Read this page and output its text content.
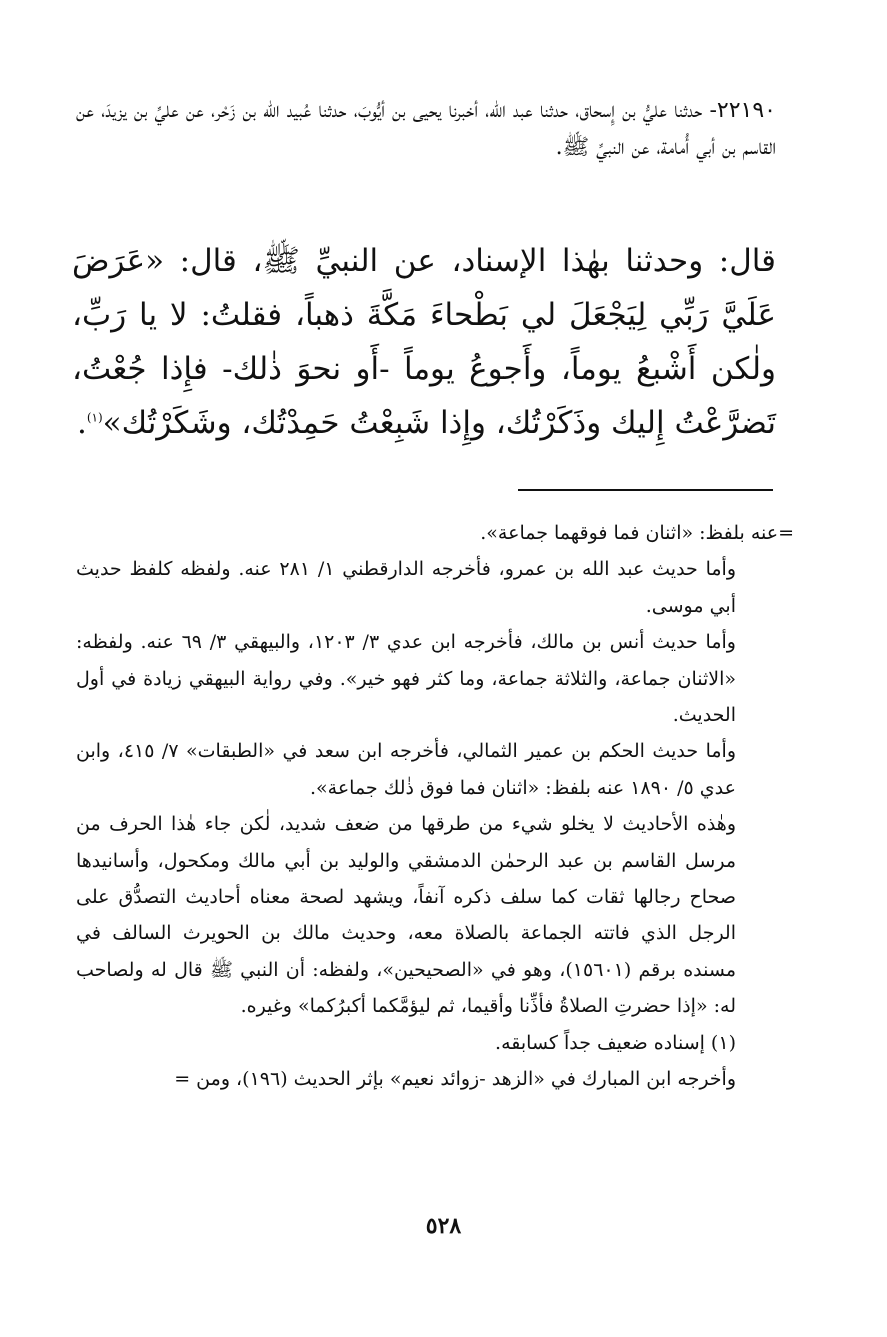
٢٢١٩٠- حدثنا عليُّ بن إِسحاق، حدثنا عبد الله، أخبرنا يحيى بن أيُّوبَ، حدثنا عُبيد الله بن زَحْر، عن عليِّ بن يزيدَ، عن القاسم بن أبي أُمامة، عن النبيِّ ﷺ.

قال: وحدثنا بهٰذا الإسناد، عن النبيِّ ﷺ، قال: «عَرَضَ عَلَيَّ رَبِّي لِيَجْعَلَ لي بَطْحاءَ مَكَّةَ ذهباً، فقلتُ: لا يا رَبِّ، ولٰكن أَشْبعُ يوماً، وأَجوعُ يوماً -أَو نحوَ ذٰلك- فإِذا جُعْتُ، تَضرَّعْتُ إِليك وذَكَرْتُك، وإِذا شَبِعْتُ حَمِدْتُك، وشَكَرْتُك»$^{(١)}$.

=عنه بلفظ: «اثنان فما فوقهما جماعة».

وأما حديث عبد الله بن عمرو، فأخرجه الدارقطني ١/ ٢٨١ عنه. ولفظه كلفظ حديث أبي موسى.

وأما حديث أنس بن مالك، فأخرجه ابن عدي ٣/ ١٢٠٣، والبيهقي ٣/ ٦٩ عنه. ولفظه: «الاثنان جماعة، والثلاثة جماعة، وما كثر فهو خير». وفي رواية البيهقي زيادة في أول الحديث.

وأما حديث الحكم بن عمير الثمالي، فأخرجه ابن سعد في «الطبقات» ٧/ ٤١٥، وابن عدي ٥/ ١٨٩٠ عنه بلفظ: «اثنان فما فوق ذٰلك جماعة».

وهٰذه الأحاديث لا يخلو شيء من طرقها من ضعف شديد، لٰكن جاء هٰذا الحرف من مرسل القاسم بن عبد الرحمٰن الدمشقي والوليد بن أبي مالك ومكحول، وأسانيدها صحاح رجالها ثقات كما سلف ذكره آنفاً، ويشهد لصحة معناه أحاديث التصدُّق على الرجل الذي فاتته الجماعة بالصلاة معه، وحديث مالك بن الحويرث السالف في مسنده برقم (١٥٦٠١)، وهو في «الصحيحين»، ولفظه: أن النبي ﷺ قال له ولصاحب له: «إذا حضرتِ الصلاةُ فأذِّنا وأقيما، ثم ليؤمَّكما أكبرُكما» وغيره.

(١) إسناده ضعيف جداً كسابقه.

وأخرجه ابن المبارك في «الزهد -زوائد نعيم» بإثر الحديث (١٩٦)، ومن =

٥٢٨
